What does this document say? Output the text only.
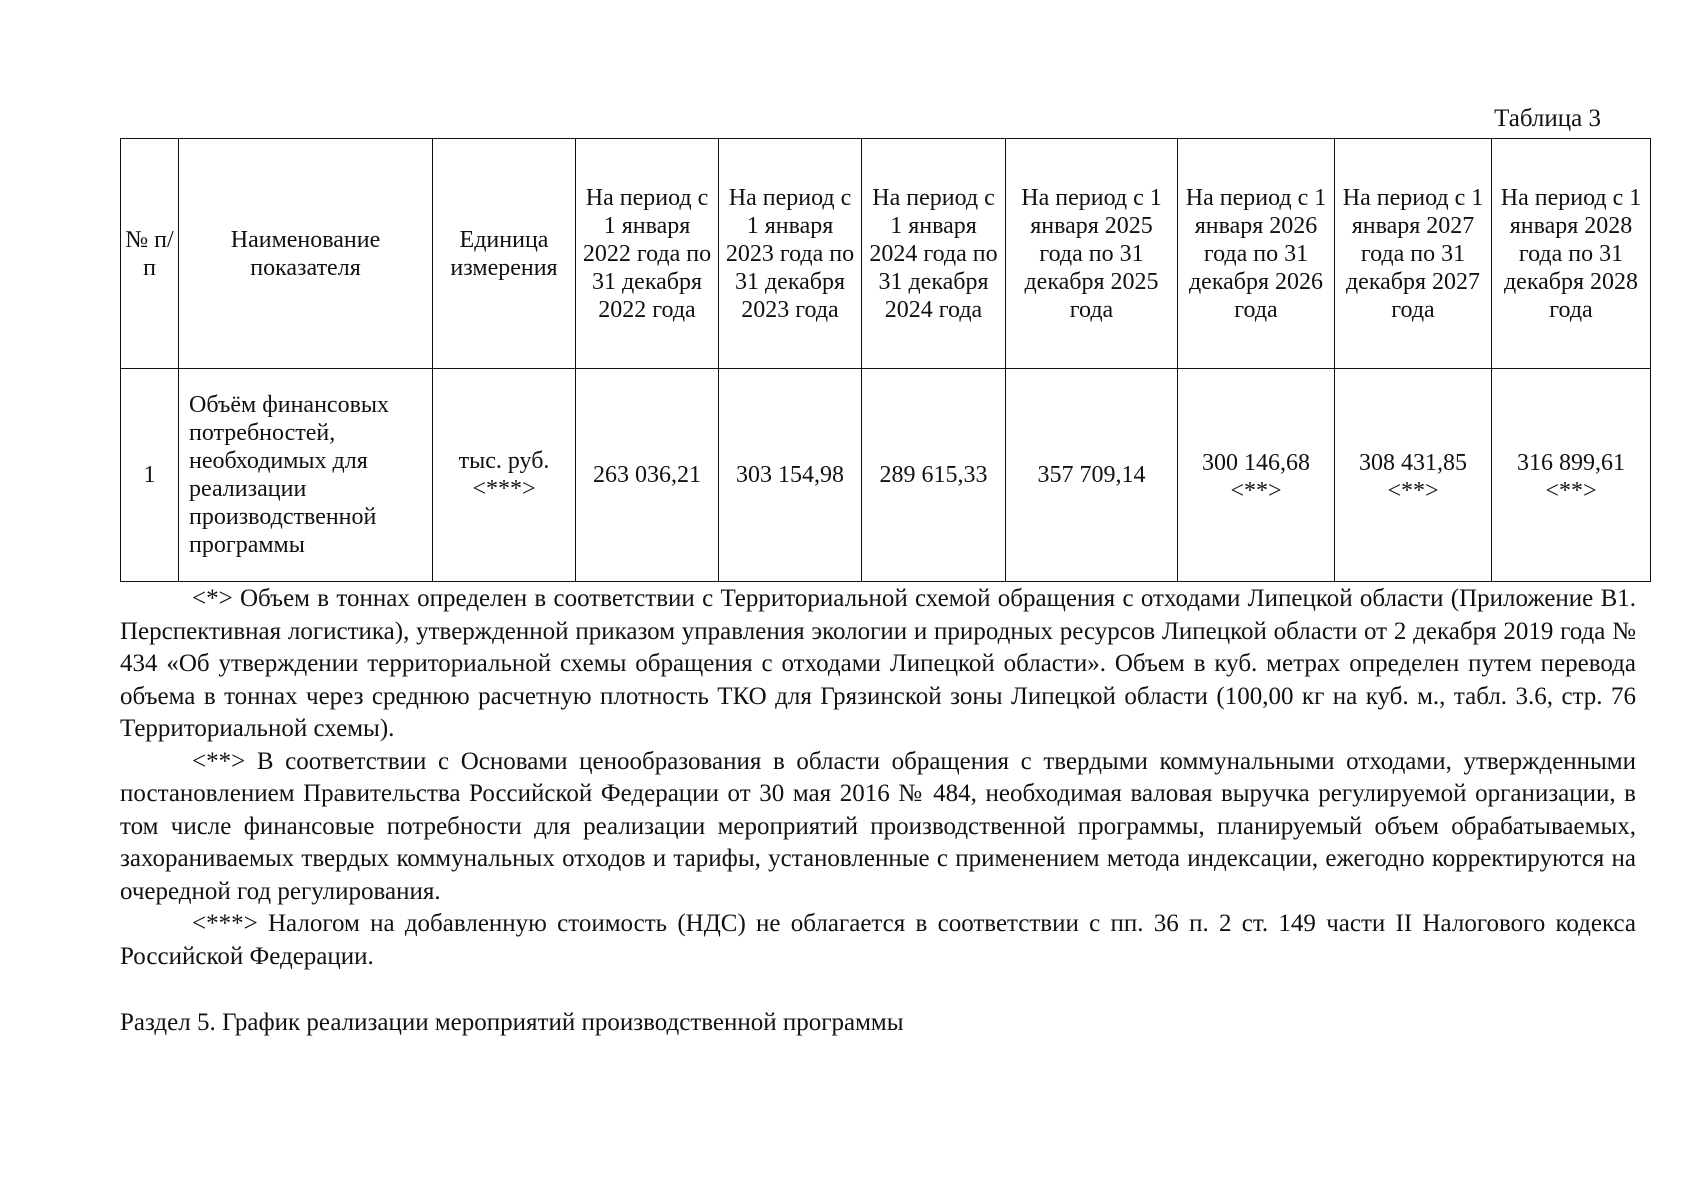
Таблица 3
№ п/п	Наименование показателя	Единица измерения	На период с 1 января 2022 года по 31 декабря 2022 года	На период с 1 января 2023 года по 31 декабря 2023 года	На период с 1 января 2024 года по 31 декабря 2024 года	На период с 1 января 2025 года по 31 декабря 2025 года	На период с 1 января 2026 года по 31 декабря 2026 года	На период с 1 января 2027 года по 31 декабря 2027 года	На период с 1 января 2028 года по 31 декабря 2028 года
1	Объём финансовых потребностей, необходимых для реализации производственной программы	тыс. руб. <***>	263 036,21	303 154,98	289 615,33	357 709,14	300 146,68 <**>	308 431,85 <**>	316 899,61 <**>

<*> Объем в тоннах определен в соответствии с Территориальной схемой обращения с отходами Липецкой области (Приложение В1. Перспективная логистика), утвержденной приказом управления экологии и природных ресурсов Липецкой области от 2 декабря 2019 года № 434 «Об утверждении территориальной схемы обращения с отходами Липецкой области». Объем в куб. метрах определен путем перевода объема в тоннах через среднюю расчетную плотность ТКО для Грязинской зоны Липецкой области (100,00 кг на куб. м., табл. 3.6, стр. 76 Территориальной схемы).

<**> В соответствии с Основами ценообразования в области обращения с твердыми коммунальными отходами, утвержденными постановлением Правительства Российской Федерации от 30 мая 2016 № 484, необходимая валовая выручка регулируемой организации, в том числе финансовые потребности для реализации мероприятий производственной программы, планируемый объем обрабатываемых, захораниваемых твердых коммунальных отходов и тарифы, установленные с применением метода индексации, ежегодно корректируются на очередной год регулирования.

<***> Налогом на добавленную стоимость (НДС) не облагается в соответствии с пп. 36 п. 2 ст. 149 части II Налогового кодекса Российской Федерации.

Раздел 5. График реализации мероприятий производственной программы
